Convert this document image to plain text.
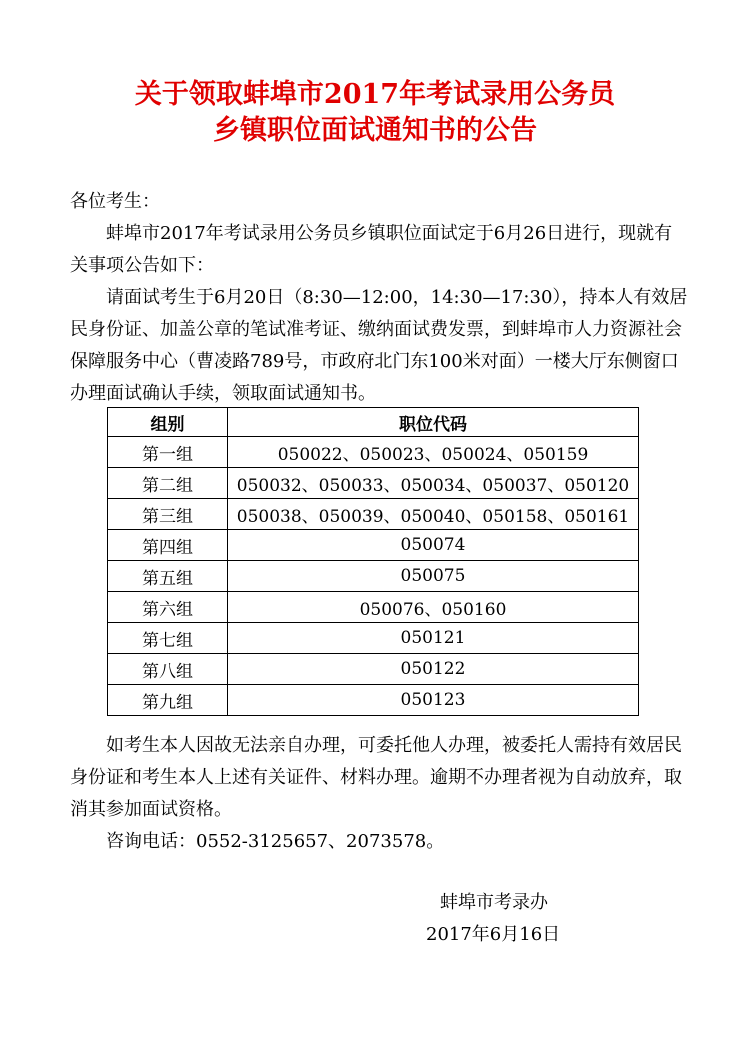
关于领取蚌埠市2017年考试录用公务员
乡镇职位面试通知书的公告

各位考生：

蚌埠市2017年考试录用公务员乡镇职位面试定于6月26日进行，现就有关事项公告如下：

请面试考生于6月20日（8:30—12:00，14:30—17:30），持本人有效居民身份证、加盖公章的笔试准考证、缴纳面试费发票，到蚌埠市人力资源社会保障服务中心（曹凌路789号，市政府北门东100米对面）一楼大厅东侧窗口办理面试确认手续，领取面试通知书。

组别	职位代码
第一组	050022、050023、050024、050159
第二组	050032、050033、050034、050037、050120
第三组	050038、050039、050040、050158、050161
第四组	050074
第五组	050075
第六组	050076、050160
第七组	050121
第八组	050122
第九组	050123

如考生本人因故无法亲自办理，可委托他人办理，被委托人需持有效居民身份证和考生本人上述有关证件、材料办理。逾期不办理者视为自动放弃，取消其参加面试资格。

咨询电话：0552-3125657、2073578。

蚌埠市考录办
2017年6月16日
